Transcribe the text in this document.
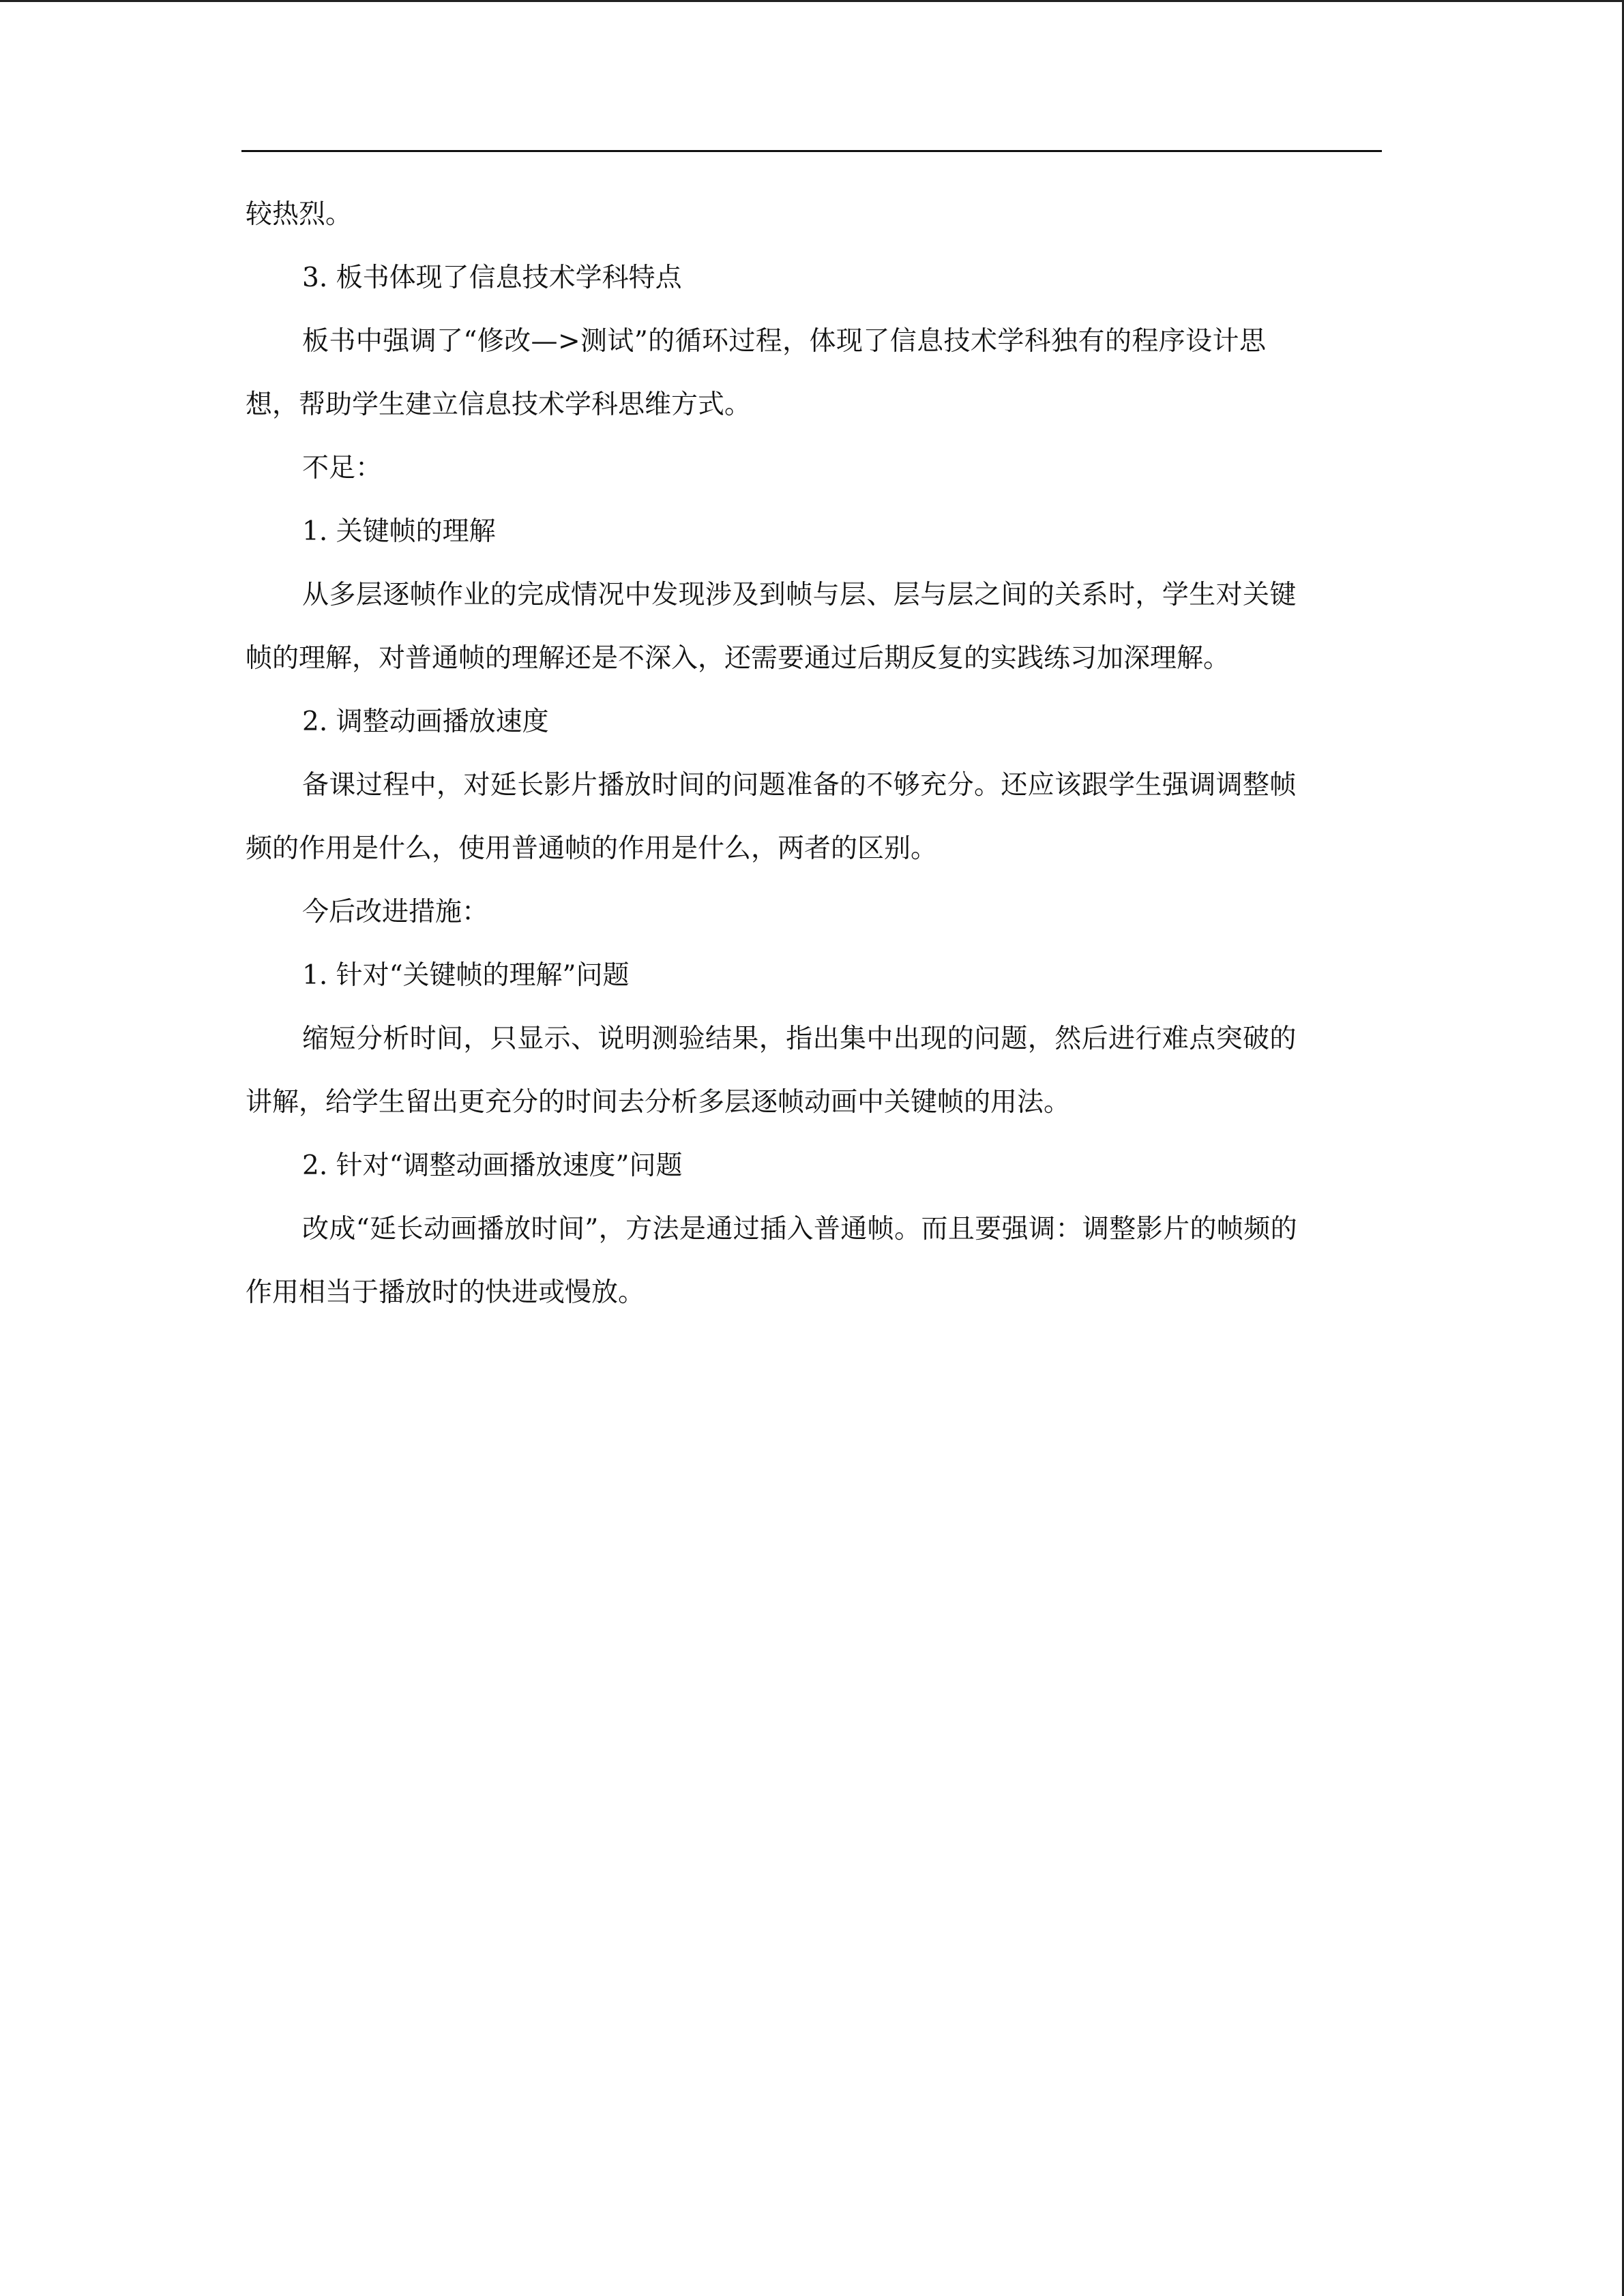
较热烈。
3. 板书体现了信息技术学科特点
板书中强调了“修改—>测试”的循环过程，体现了信息技术学科独有的程序设计思
想，帮助学生建立信息技术学科思维方式。
不足：
1. 关键帧的理解
从多层逐帧作业的完成情况中发现涉及到帧与层、层与层之间的关系时，学生对关键
帧的理解，对普通帧的理解还是不深入，还需要通过后期反复的实践练习加深理解。
2. 调整动画播放速度
备课过程中，对延长影片播放时间的问题准备的不够充分。还应该跟学生强调调整帧
频的作用是什么，使用普通帧的作用是什么，两者的区别。
今后改进措施：
1. 针对“关键帧的理解”问题
缩短分析时间，只显示、说明测验结果，指出集中出现的问题，然后进行难点突破的
讲解，给学生留出更充分的时间去分析多层逐帧动画中关键帧的用法。
2. 针对“调整动画播放速度”问题
改成“延长动画播放时间”，方法是通过插入普通帧。而且要强调：调整影片的帧频的
作用相当于播放时的快进或慢放。
